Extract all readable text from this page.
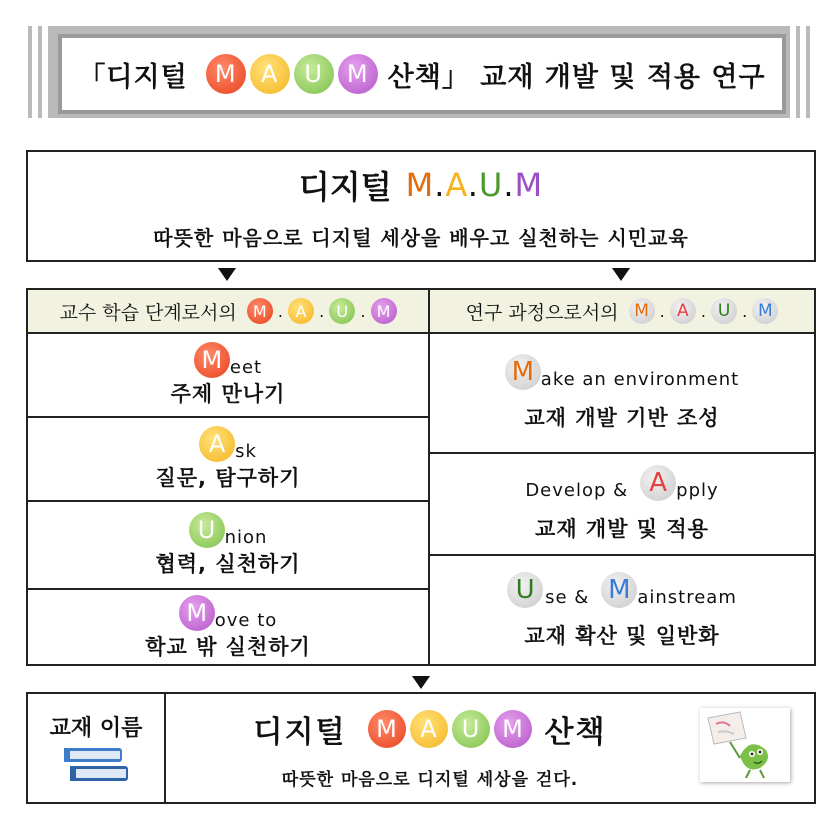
「디지털	M	A	U M 산책」 교재 개발 및 적용 연구
디지털 M.A.U.M
따뜻한 마음으로 디지털 세상을 배우고 실천하는 시민교육
교수 학습 단계로서의	M . A . U . M
M eet
주제 만나기
A sk
질문, 탐구하기
U nion
협력, 실천하기
M ove to
학교 밖 실천하기
연구 과정으로서의 M . A . U . M
M ake an environment
교재 개발 기반 조성
Develop & A pply
교재 개발 및 적용
U se & M ainstream
교재 확산 및 일반화
교재 이름	디지털	M A U M 산책
따뜻한 마음으로 디지털 세상을 걷다.
